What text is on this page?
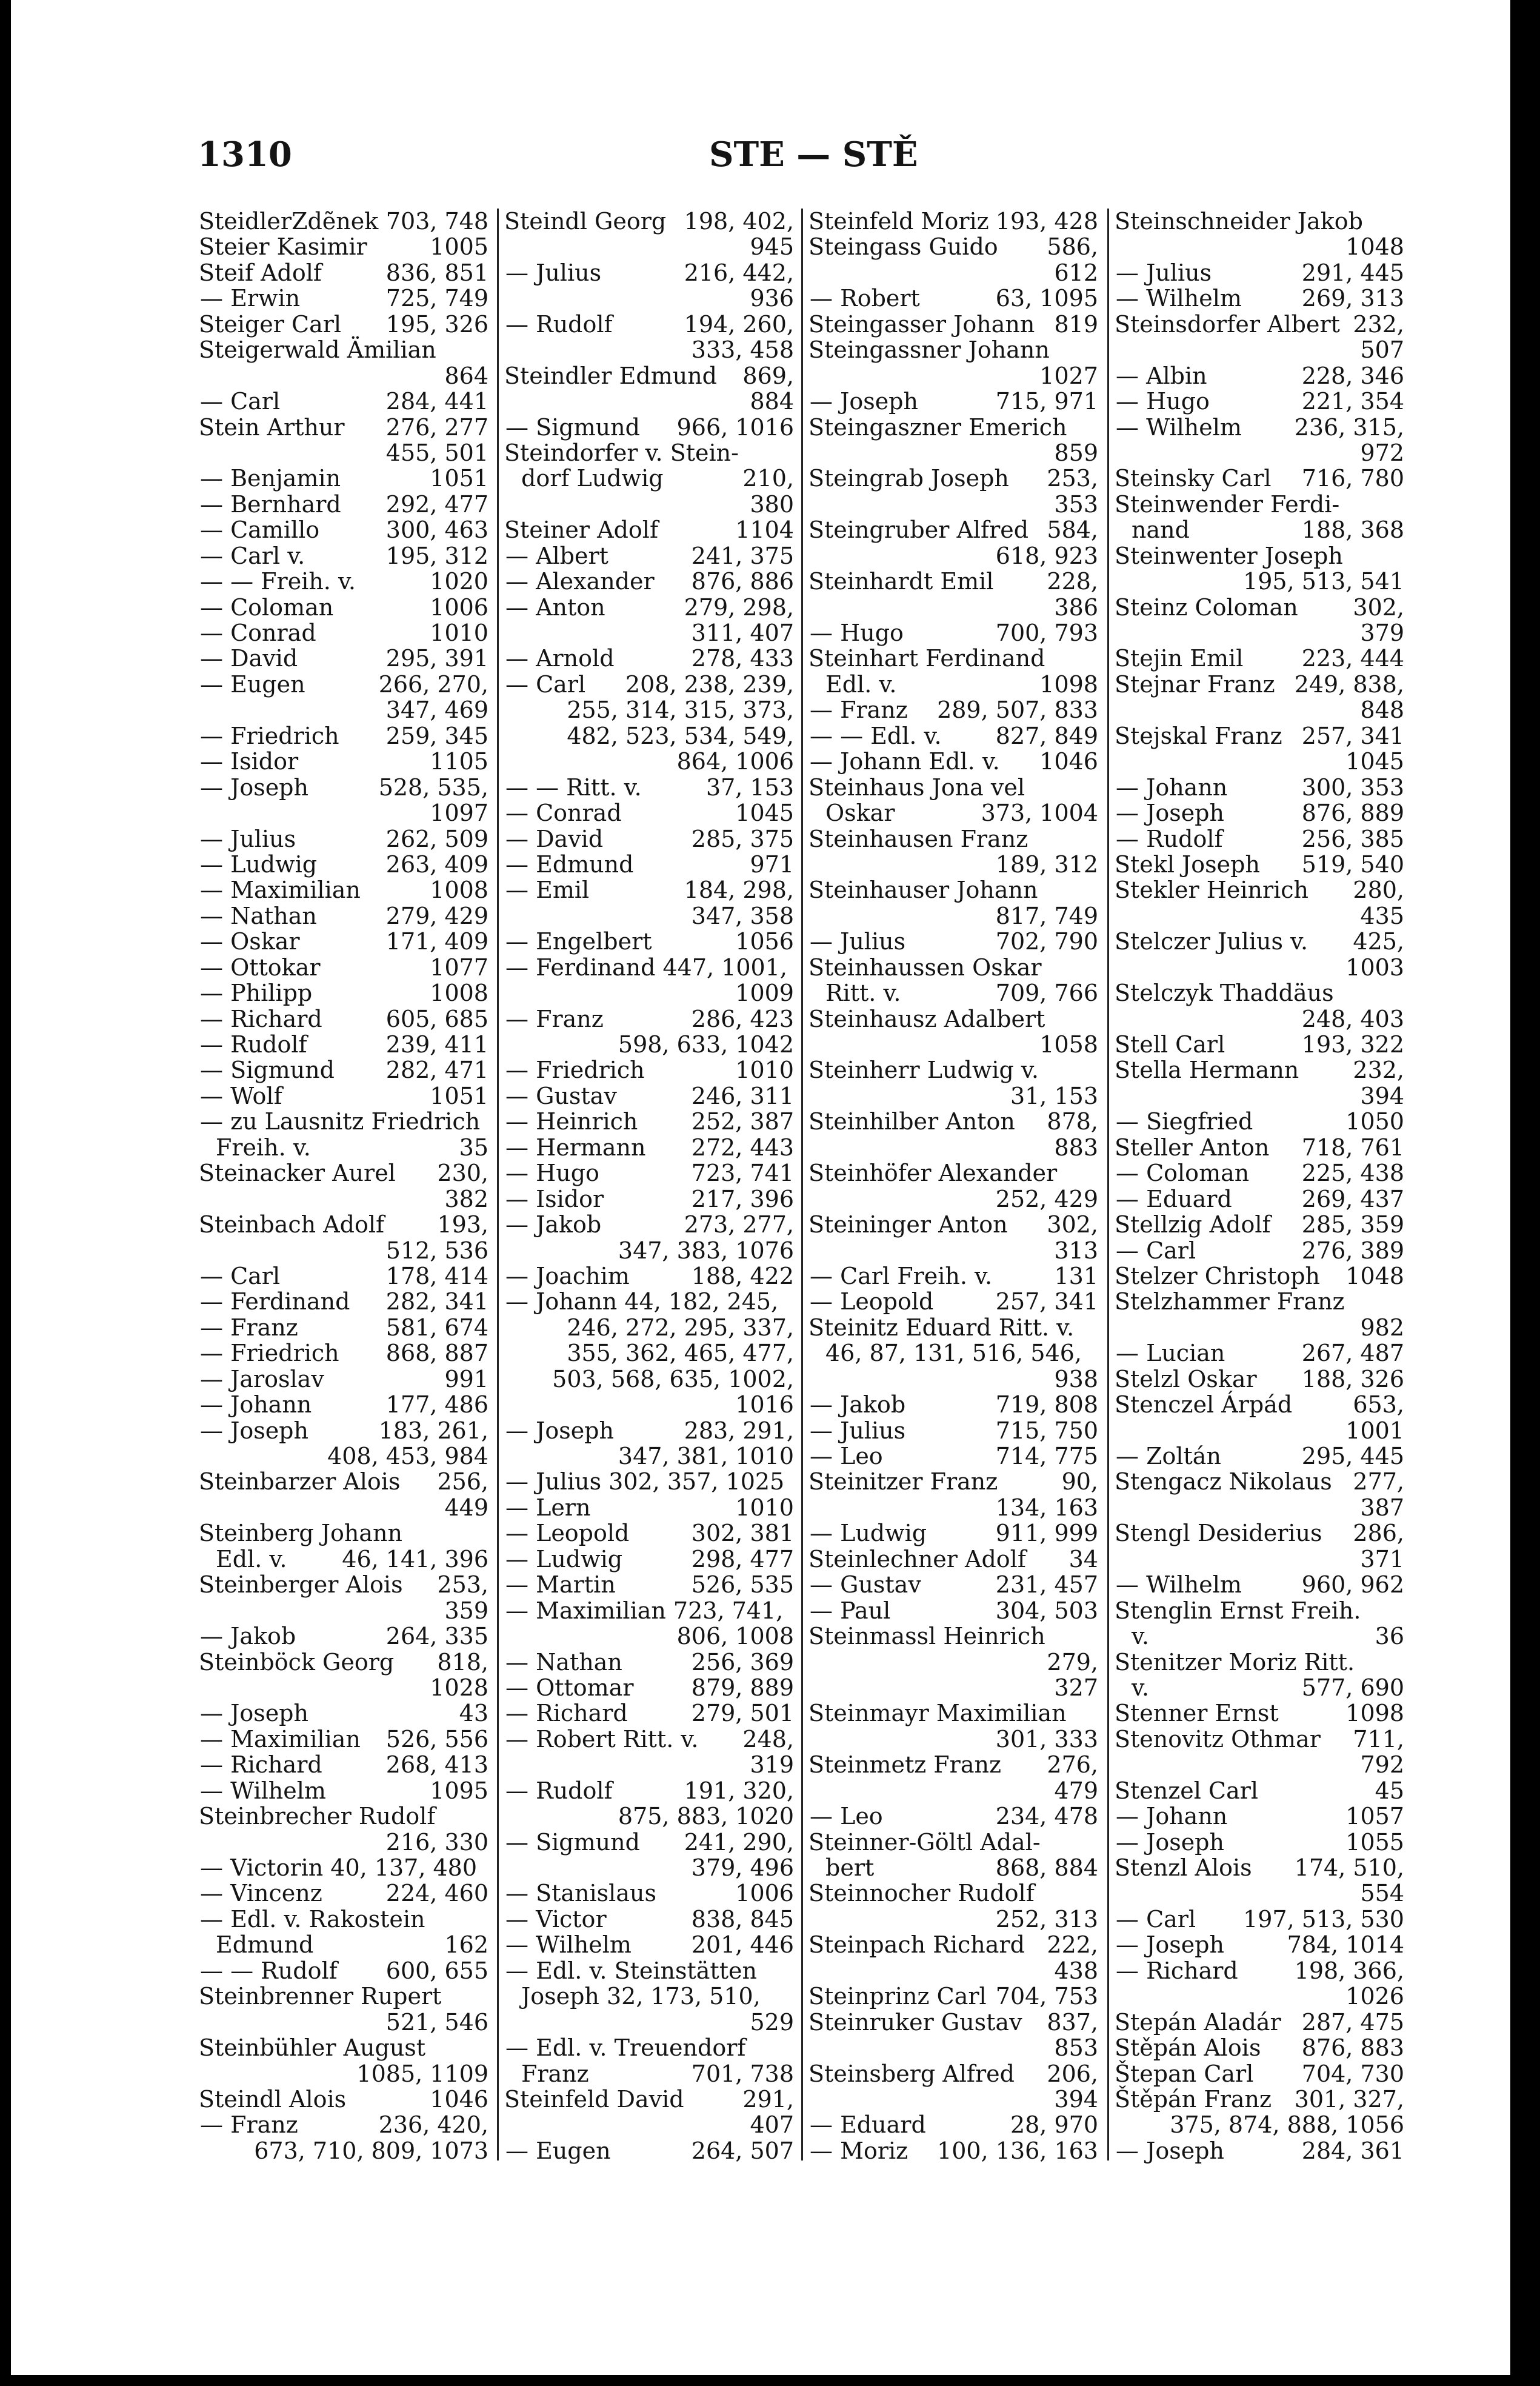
1310	STE — STĚ
SteidlerZdẽnek 703, 748
Steier Kasimir	1005
Steif Adolf	836, 851
— Erwin	725, 749
Steiger Carl 195, 326
Steigerwald Ämilian
864
— Carl	284, 441
Stein Arthur 276, 277
455, 501
— Benjamin	1051
— Bernhard 292, 477
— Camillo	300, 463
— Carl v.	195, 312
— — Freih. v.	1020
— Coloman	1006
— Conrad	1010
— David	295, 391
— Eugen	266, 270,
347, 469
— Friedrich 259, 345
— Isidor	1105
— Joseph	528, 535,
1097
— Julius	262, 509
— Ludwig	263, 409
— Maximilian	1008
— Nathan	279, 429
— Oskar	171, 409
— Ottokar	1077
— Philipp	1008
— Richard	605, 685
— Rudolf	239, 411
— Sigmund 282, 471
— Wolf	1051
— zu Lausnitz Friedrich
Freih. v.	35
Steinacker Aurel 230,
382
Steinbach Adolf 193,
512, 536
— Carl	178, 414
— Ferdinand 282, 341
— Franz	581, 674
— Friedrich 868, 887
— Jaroslav	991
— Johann	177, 486
— Joseph	183, 261,
408, 453, 984
Steinbarzer Alois 256,
449
Steinberg Johann
Edl. v. 46, 141, 396
Steinberger Alois 253,
359
— Jakob	264, 335
Steinböck Georg 818,
1028
— Joseph	43
— Maximilian 526, 556
— Richard	268, 413
— Wilhelm	1095
Steinbrecher Rudolf
216, 330
— Victorin 40, 137, 480
— Vincenz	224, 460
— Edl. v. Rakostein
Edmund	162
— — Rudolf 600, 655
Steinbrenner Rupert
521, 546
Steinbühler August
1085, 1109
Steindl Alois	1046
— Franz	236, 420,
673, 710, 809, 1073
Steindl Georg 198, 402,
945
— Julius	216, 442,
936
— Rudolf	194, 260,
333, 458
Steindler Edmund 869,
884
— Sigmund 966, 1016
Steindorfer v. Stein-
dorf Ludwig	210,
380
Steiner Adolf	1104
— Albert	241, 375
— Alexander 876, 886
— Anton	279, 298,
311, 407
— Arnold	278, 433
— Carl 208, 238, 239,
255, 314, 315, 373,
482, 523, 534, 549,
864, 1006
— — Ritt. v.	37, 153
— Conrad	1045
— David	285, 375
— Edmund	971
— Emil	184, 298,
347, 358
— Engelbert	1056
— Ferdinand 447, 1001,
1009
— Franz	286, 423
598, 633, 1042
— Friedrich	1010
— Gustav	246, 311
— Heinrich 252, 387
— Hermann 272, 443
— Hugo	723, 741
— Isidor	217, 396
— Jakob	273, 277,
347, 383, 1076
— Joachim	188, 422
— Johann 44, 182, 245,
246, 272, 295, 337,
355, 362, 465, 477,
503, 568, 635, 1002,
1016
— Joseph	283, 291,
347, 381, 1010
— Julius 302, 357, 1025
— Lern	1010
— Leopold	302, 381
— Ludwig	298, 477
— Martin	526, 535
— Maximilian 723, 741,
806, 1008
— Nathan	256, 369
— Ottomar	879, 889
— Richard	279, 501
— Robert Ritt. v. 248,
319
— Rudolf	191, 320,
875, 883, 1020
— Sigmund 241, 290,
379, 496
— Stanislaus	1006
— Victor	838, 845
— Wilhelm	201, 446
— Edl. v. Steinstätten
Joseph 32, 173, 510,
529
— Edl. v. Treuendorf
Franz	701, 738
Steinfeld David	291,
407
— Eugen	264, 507
Steinfeld Moriz 193, 428
Steingass Guido 586,
612
— Robert	63, 1095
Steingasser Johann 819
Steingassner Johann
1027
— Joseph	715, 971
Steingaszner Emerich
859
Steingrab Joseph 253,
353
Steingruber Alfred 584,
618, 923
Steinhardt Emil 228,
386
— Hugo	700, 793
Steinhart Ferdinand
Edl. v.	1098
— Franz 289, 507, 833
— — Edl. v. 827, 849
— Johann Edl. v. 1046
Steinhaus Jona vel
Oskar	373, 1004
Steinhausen Franz
189, 312
Steinhauser Johann
817, 749
— Julius	702, 790
Steinhaussen Oskar
Ritt. v.	709, 766
Steinhausz Adalbert
1058
Steinherr Ludwig v.
31, 153
Steinhilber Anton 878,
883
Steinhöfer Alexander
252, 429
Steininger Anton 302,
313
— Carl Freih. v.	131
— Leopold	257, 341
Steinitz Eduard Ritt. v.
46, 87, 131, 516, 546,
938
— Jakob	719, 808
— Julius	715, 750
— Leo	714, 775
Steinitzer Franz	90,
134, 163
— Ludwig	911, 999
Steinlechner Adolf 34
— Gustav	231, 457
— Paul	304, 503
Steinmassl Heinrich
279,
327
Steinmayr Maximilian
301, 333
Steinmetz Franz 276,
479
— Leo	234, 478
Steinner-Göltl Adal-
bert	868, 884
Steinnocher Rudolf
252, 313
Steinpach Richard 222,
438
Steinprinz Carl 704, 753
Steinruker Gustav 837,
853
Steinsberg Alfred 206,
394
— Eduard	28, 970
— Moriz 100, 136, 163
Steinschneider Jakob
1048
— Julius	291, 445
— Wilhelm	269, 313
Steinsdorfer Albert 232,
507
— Albin	228, 346
— Hugo	221, 354
— Wilhelm 236, 315,
972
Steinsky Carl 716, 780
Steinwender Ferdi-
nand	188, 368
Steinwenter Joseph
195, 513, 541
Steinz Coloman 302,
379
Stejin Emil	223, 444
Stejnar Franz 249, 838,
848
Stejskal Franz 257, 341
1045
— Johann	300, 353
— Joseph	876, 889
— Rudolf	256, 385
Stekl Joseph 519, 540
Stekler Heinrich 280,
435
Stelczer Julius v. 425,
1003
Stelczyk Thaddäus
248, 403
Stell Carl	193, 322
Stella Hermann 232,
394
— Siegfried	1050
Steller Anton 718, 761
— Coloman 225, 438
— Eduard	269, 437
Stellzig Adolf 285, 359
— Carl	276, 389
Stelzer Christoph 1048
Stelzhammer Franz
982
— Lucian	267, 487
Stelzl Oskar 188, 326
Stenczel Árpád	653,
1001
— Zoltán	295, 445
Stengacz Nikolaus 277,
387
Stengl Desiderius 286,
371
— Wilhelm	960, 962
Stenglin Ernst Freih.
v.	36
Stenitzer Moriz Ritt.
v.	577, 690
Stenner Ernst	1098
Stenovitz Othmar 711,
792
Stenzel Carl	45
— Johann	1057
— Joseph	1055
Stenzl Alois 174, 510,
554
— Carl 197, 513, 530
— Joseph	784, 1014
— Richard 198, 366,
1026
Stepán Aladár 287, 475
Stěpán Alois 876, 883
Štepan Carl 704, 730
Štěpán Franz 301, 327,
375, 874, 888, 1056
— Joseph	284, 361
